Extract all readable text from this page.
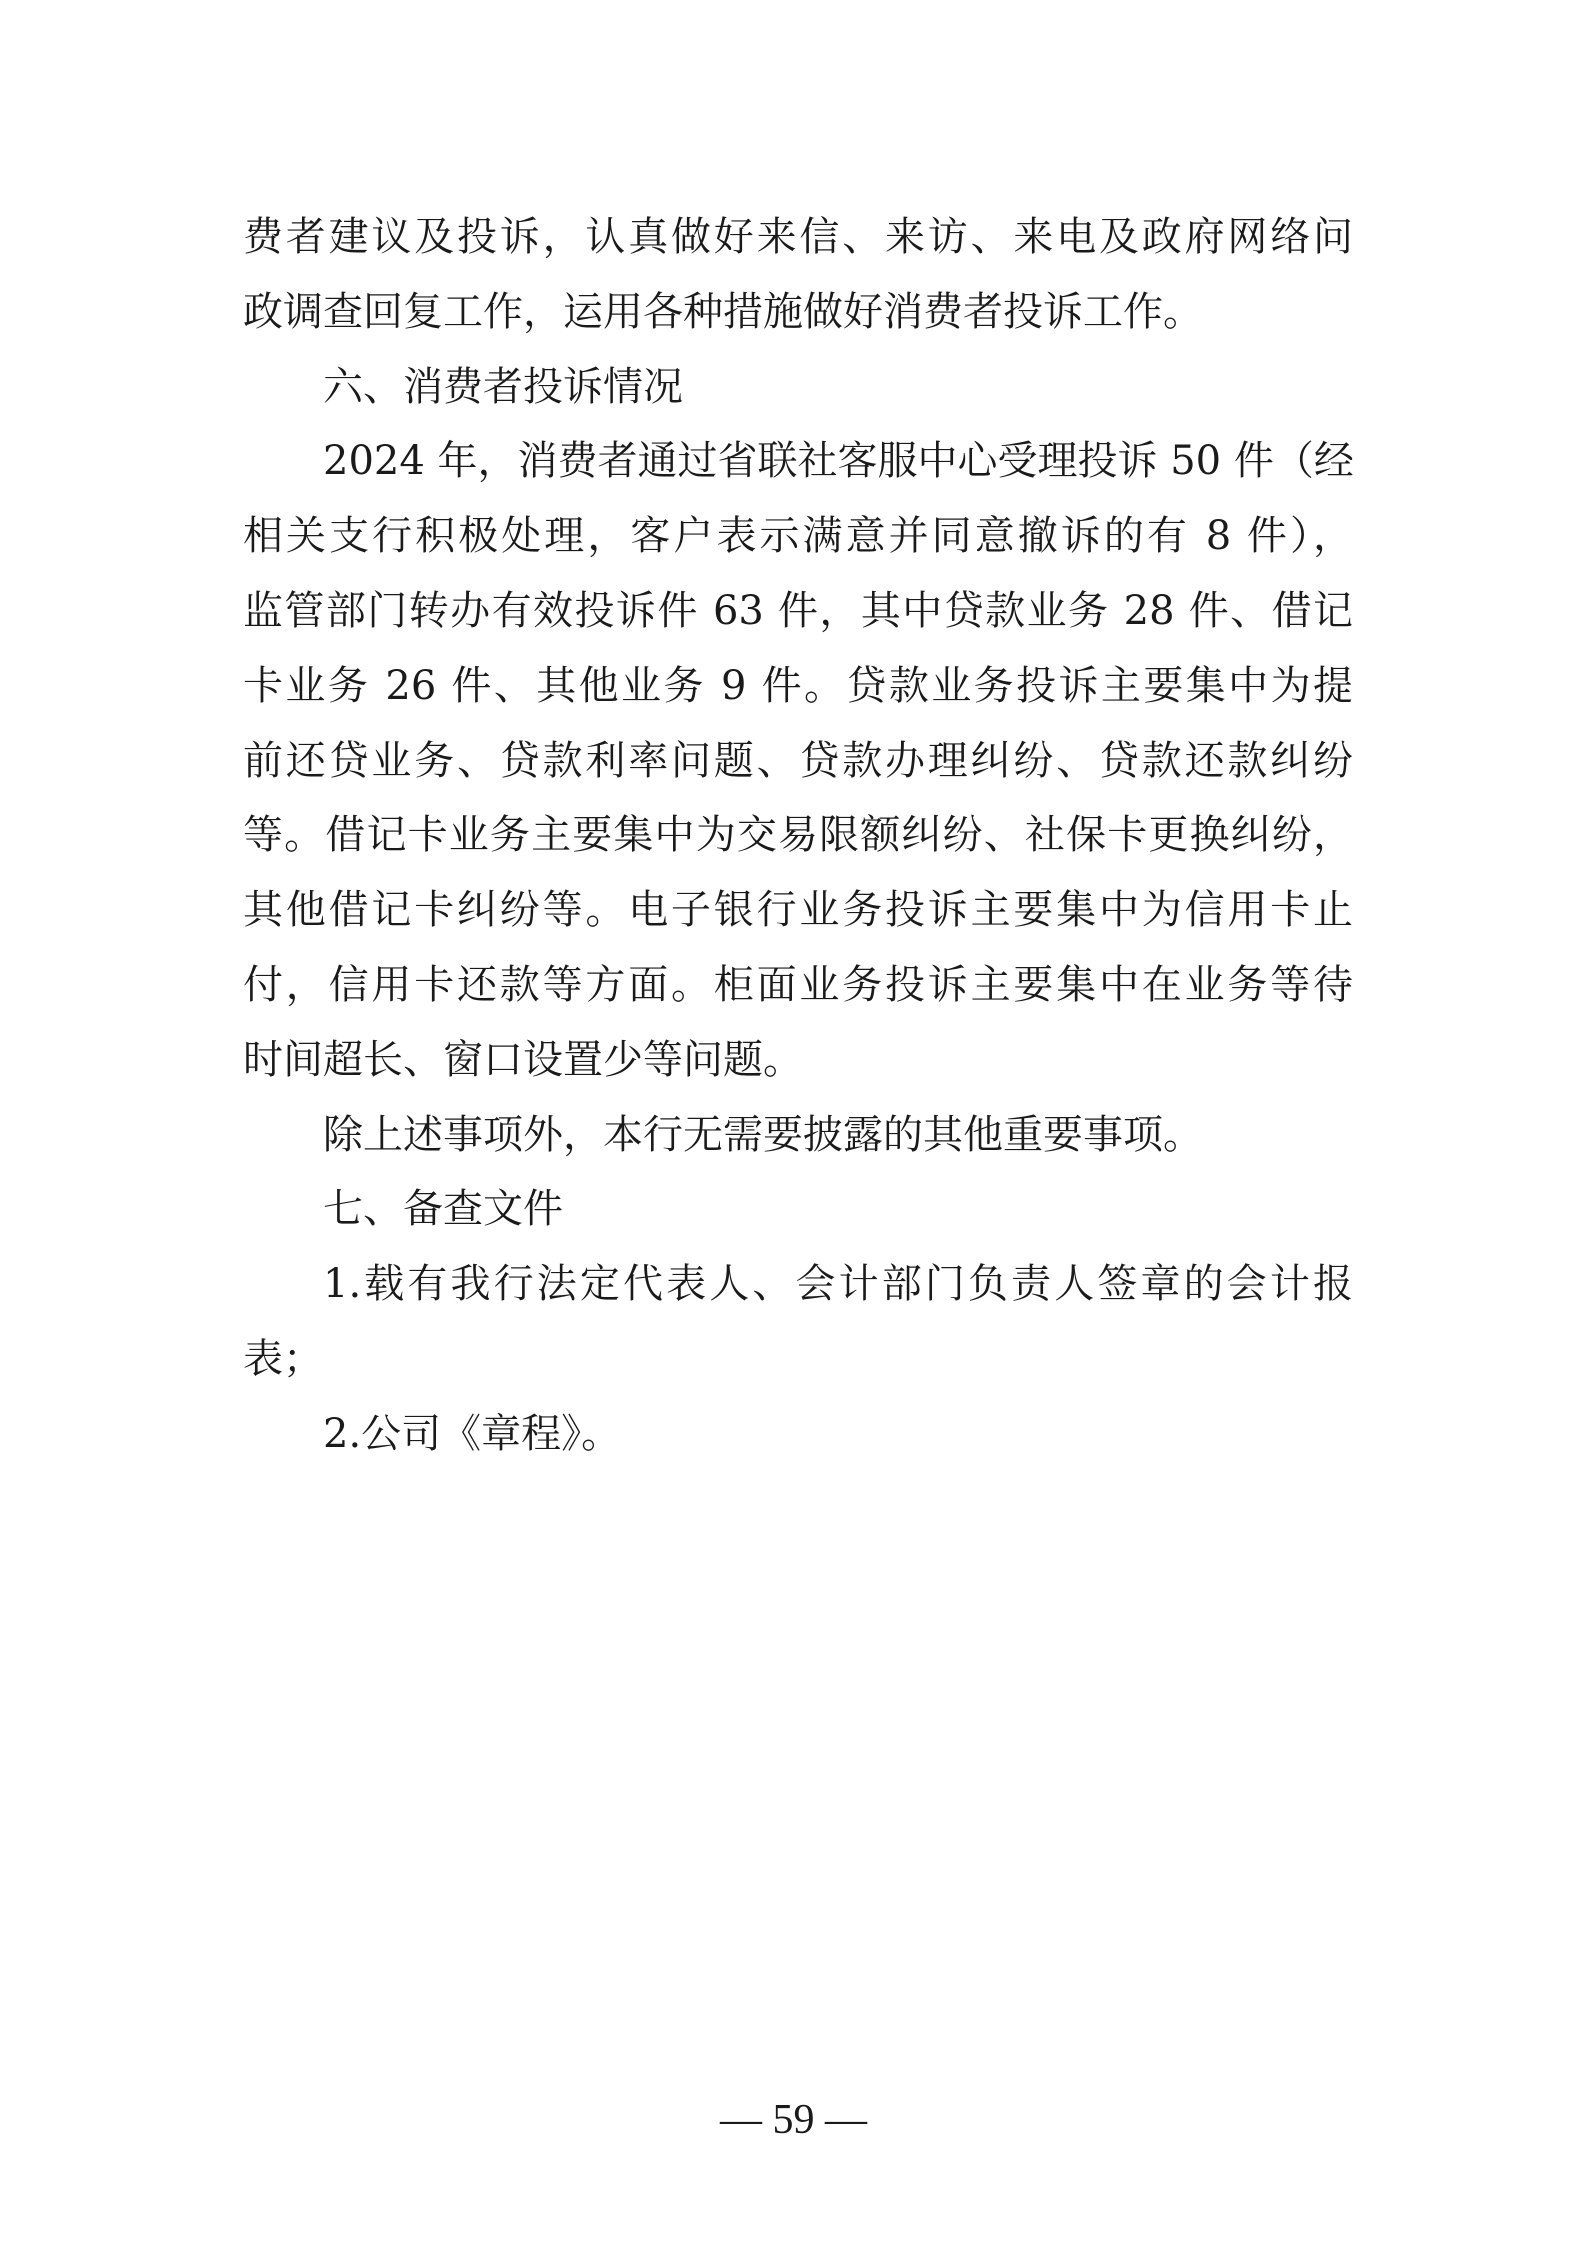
费者建议及投诉，认真做好来信、来访、来电及政府网络问
政调查回复工作，运用各种措施做好消费者投诉工作。
六、消费者投诉情况
2024 年，消费者通过省联社客服中心受理投诉 50 件（经
相关支行积极处理，客户表示满意并同意撤诉的有 8 件），
监管部门转办有效投诉件 63 件，其中贷款业务 28 件、借记
卡业务 26 件、其他业务 9 件。贷款业务投诉主要集中为提
前还贷业务、贷款利率问题、贷款办理纠纷、贷款还款纠纷
等。借记卡业务主要集中为交易限额纠纷、社保卡更换纠纷，
其他借记卡纠纷等。电子银行业务投诉主要集中为信用卡止
付，信用卡还款等方面。柜面业务投诉主要集中在业务等待
时间超长、窗口设置少等问题。
除上述事项外，本行无需要披露的其他重要事项。
七、备查文件
1.载有我行法定代表人、会计部门负责人签章的会计报
表；
2.公司《章程》。
— 59 —
